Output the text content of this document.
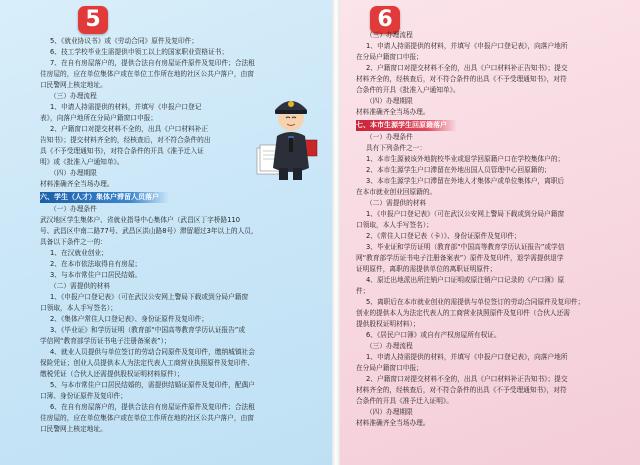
5
5、《就业协议书》或《劳动合同》原件及复印件；
6、技工学校毕业生需提供申领工以上的国家职业资格证书；
7、在自有房屋落户的，提供合法自有房屋证件原件及复印件；合法租
住房屋的，应在单位集体户或在单位工作所在地的社区公共户落户，由窗
口民警网上核定地址。
（三）办理流程
1、申请人持需提供的材料，并填写《申报户口登记
表》，向落户地所在分局户籍窗口申报；
2、户籍窗口对提交材料不全的，出具《户口材料补正
告知书》；提交材料齐全的，经核查后，对不符合条件的出
具《不予受理通知书》，对符合条件的开具《准予迁入证
明》或《批准入户通知单》。
（四）办理期限
材料准确齐全当场办理。
六、学生（人才）集体户滞留人员落户
（一）办理条件
武汉地区学生集体户、省就业指导中心集体户（武昌区丁字桥路110
号、武昌区中南二路77号、武昌区洪山路8号）滞留超过3年以上的人员，
具备以下条件之一的：
1、在汉就业创业；
2、在本市依法取得自有房屋；
3、与本市常住户口居民结婚。
（二）需提供的材料
1、《申报户口登记表》（可在武汉公安网上警局下载或到分局户籍窗
口领取，本人手写签名）；
2、《集体户常住人口登记表》、身份证原件及复印件；
3、《毕业证》和学历证明（教育部“中国高等教育学历认证报告”或
学信网“教育部学历证书电子注册备案表”）；
4、就业人员提供与单位签订的劳动合同原件及复印件，缴纳城镇社会
保险凭证；创业人员提供本人为法定代表人工商营业执照原件及复印件、
缴税凭证（合伙人还需提供股权证明材料原件）；
5、与本市常住户口居民结婚的，需提供结婚证原件及复印件，配偶户
口簿、身份证原件及复印件；
6、在自有房屋落户的，提供合法自有房屋证件原件及复印件；合法租
住房屋的，应在单位集体户或在单位工作所在地的社区公共户落户，由窗
口民警网上核定地址。
6
（三）办理流程
1、申请人持需提供的材料，并填写《申报户口登记表》，向落户地所
在分局户籍窗口申报；
2、户籍窗口对提交材料不全的，出具《户口材料补正告知书》；提交
材料齐全的，经核查后，对不符合条件的出具《不予受理通知书》，对符
合条件的开具《批准入户通知单》。
（四）办理期限
材料准确齐全当场办理。
七、本市生源学生回原籍落户
（一）办理条件
具有下列条件之一：
1、本市生源被该外地院校毕业或退学回原籍户口在学校集体户的；
2、本市生源学生户口滞留在外地出国人员管理中心回原籍的；
3、本市生源学生户口滞留在外地人才集体户或单位集体户，离职后
在本市就业创业回原籍的。
（二）需提供的材料
1、《申报户口登记表》（可在武汉公安网上警局下载或到分局户籍窗
口领取，本人手写签名）；
2、《常住人口登记表（卡）》、身份证原件及复印件；
3、毕业证和学历证明（教育部“中国高等教育学历认证报告”或学信
网“教育部学历证书电子注册备案表”）原件及复印件，退学需提供退学
证明原件，离职的需提供单位的离职证明原件；
4、原迁出地派出所注销户口证明或原注销户口记录的《户口簿》原
件；
5、离职后在本市就业创业的需提供与单位签订的劳动合同原件及复印件；
创业的提供本人为法定代表人的工商营业执照原件及复印件（合伙人还需
提供股权证明材料）；
6、《居民户口簿》或自有产权房屋所有权证。
（三）办理流程
1、申请人持需提供的材料，并填写《申报户口登记表》，向落户地所
在分局户籍窗口申报；
2、户籍窗口对提交材料不全的，出具《户口材料补正告知书》；提交
材料齐全的，经核查后，对不符合条件的出具《不予受理通知书》，对符
合条件的开具《准予迁入证明》。
（四）办理期限
材料准确齐全当场办理。
